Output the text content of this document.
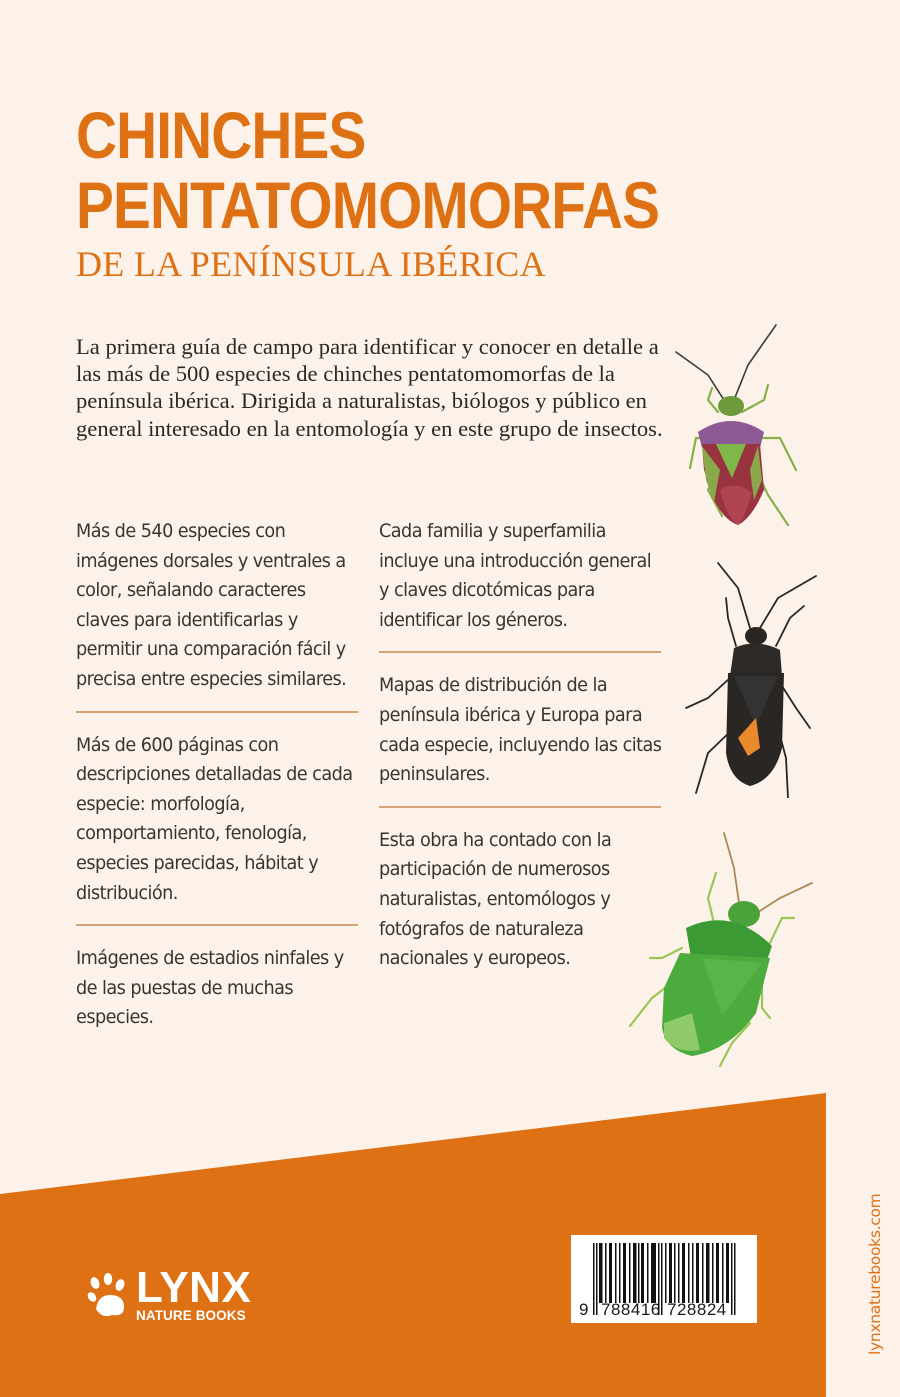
CHINCHES
PENTATOMOMORFAS
DE LA PENÍNSULA IBÉRICA
La primera guía de campo para identificar y conocer en detalle a las más de 500 especies de chinches pentatomomorfas de la península ibérica. Dirigida a naturalistas, biólogos y público en general interesado en la entomología y en este grupo de insectos.
Más de 540 especies con imágenes dorsales y ventrales a color, señalando caracteres claves para identificarlas y permitir una comparación fácil y precisa entre especies similares.
Más de 600 páginas con descripciones detalladas de cada especie: morfología, comportamiento, fenología, especies parecidas, hábitat y distribución.
Imágenes de estadios ninfales y de las puestas de muchas especies.
Cada familia y superfamilia incluye una introducción general y claves dicotómicas para identificar los géneros.
Mapas de distribución de la península ibérica y Europa para cada especie, incluyendo las citas peninsulares.
Esta obra ha contado con la participación de numerosos naturalistas, entomólogos y fotógrafos de naturaleza nacionales y europeos.
LYNX
NATURE BOOKS	9 788416 728824	lynxnaturebooks.com
